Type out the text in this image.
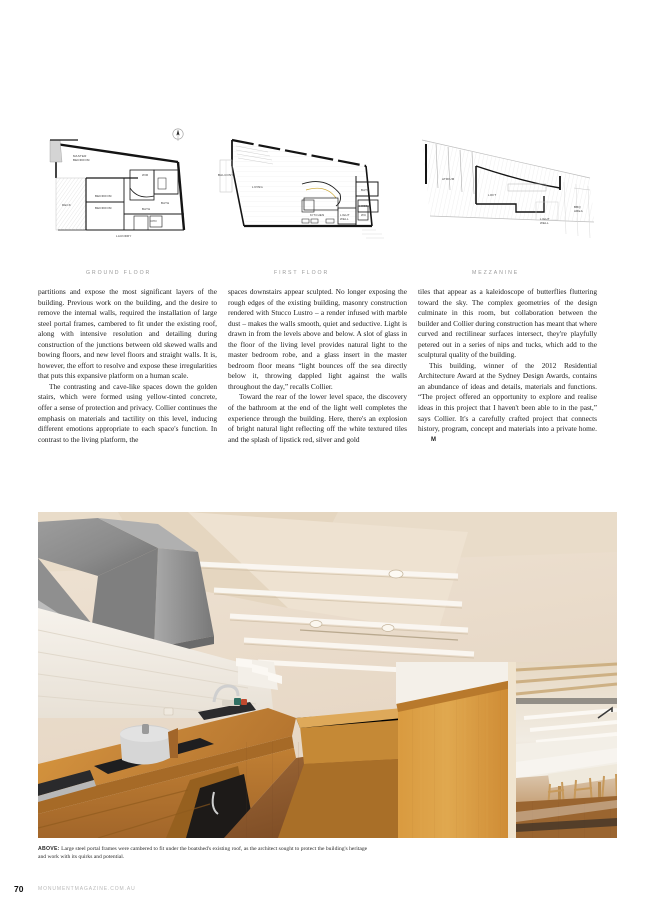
MASTER
BEDROOM
DECK
BEDROOM
BEDROOM
WIR
BATH
BATH
CPD
LAUNDRY
GROUND FLOOR
BALCONY
LIVING
KITCHEN	LIGHT
WELL
BATH
LOBBY
WC
FIRST FLOOR
ATRIUM
LOFT
LIGHT
WELL
BBQ
AREA
MEZZANINE

partitions and expose the most significant layers of the building. Previous work on the building, and the desire to remove the internal walls, required the installation of large steel portal frames, cambered to fit under the existing roof, along with intensive resolution and detailing during construction of the junctions between old skewed walls and bowing floors, and new level floors and straight walls. It is, however, the effort to resolve and expose these irregularities that puts this expansive platform on a human scale.

The contrasting and cave-like spaces down the golden stairs, which were formed using yellow-tinted concrete, offer a sense of protection and privacy. Collier continues the emphasis on materials and tactility on this level, inducing different emotions appropriate to each space's function. In contrast to the living platform, the

spaces downstairs appear sculpted. No longer exposing the rough edges of the existing building, masonry construction rendered with Stucco Lustro – a render infused with marble dust – makes the walls smooth, quiet and seductive. Light is drawn in from the levels above and below. A slot of glass in the floor of the living level provides natural light to the master bedroom robe, and a glass insert in the master bedroom floor means “light bounces off the sea directly below it, throwing dappled light against the walls throughout the day,” recalls Collier.

Toward the rear of the lower level space, the discovery of the bathroom at the end of the light well completes the experience through the building. Here, there's an explosion of bright natural light reflecting off the white textured tiles and the splash of lipstick red, silver and gold

tiles that appear as a kaleidoscope of butterflies fluttering toward the sky. The complex geometries of the design culminate in this room, but collaboration between the builder and Collier during construction has meant that where curved and rectilinear surfaces intersect, they're playfully petered out in a series of nips and tucks, which add to the sculptural quality of the building.

This building, winner of the 2012 Residential Architecture Award at the Sydney Design Awards, contains an abundance of ideas and details, materials and functions. “The project offered an opportunity to explore and realise ideas in this project that I haven't been able to in the past,” says Collier. It's a carefully crafted project that connects history, program, concept and materials into a private home.M

ABOVE: Large steel portal frames were cambered to fit under the boatshed's existing roof, as the architect sought to protect the building's heritage and work with its quirks and potential.
70	MONUMENTMAGAZINE.COM.AU
